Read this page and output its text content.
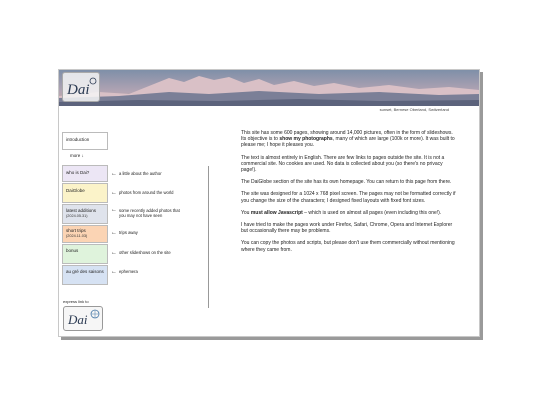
Dai
sunset, Bernese Oberland, Switzerland
introduction
more ↓
who is Dai?
DaiGlobe
latest additions
(2024.05.31)
short trips
(2024.11.03)
bonus
au gré des saisons
← a little about the author
← photos from around the world
← some recently added photos that you may not have seen
← trips away
← other slideshows on the site
← ephemera
express link to
Dai

This site has some 600 pages, showing around 14,000 pictures, often in the form of slideshows. Its objective is to show my photographs, many of which are large (100k or more). It was built to please me; I hope it pleases you.

The text is almost entirely in English. There are few links to pages outside the site. It is not a commercial site. No cookies are used. No data is collected about you (so there's no privacy page!).

The DaiGlobe section of the site has its own homepage. You can return to this page from there.

The site was designed for a 1024 x 768 pixel screen. The pages may not be formatted correctly if you change the size of the characters; I designed fixed layouts with fixed font sizes.

You must allow Javascript – which is used on almost all pages (even including this one!).

I have tried to make the pages work under Firefox, Safari, Chrome, Opera and Internet Explorer but occasionally there may be problems.

You can copy the photos and scripts, but please don't use them commercially without mentioning where they came from.
